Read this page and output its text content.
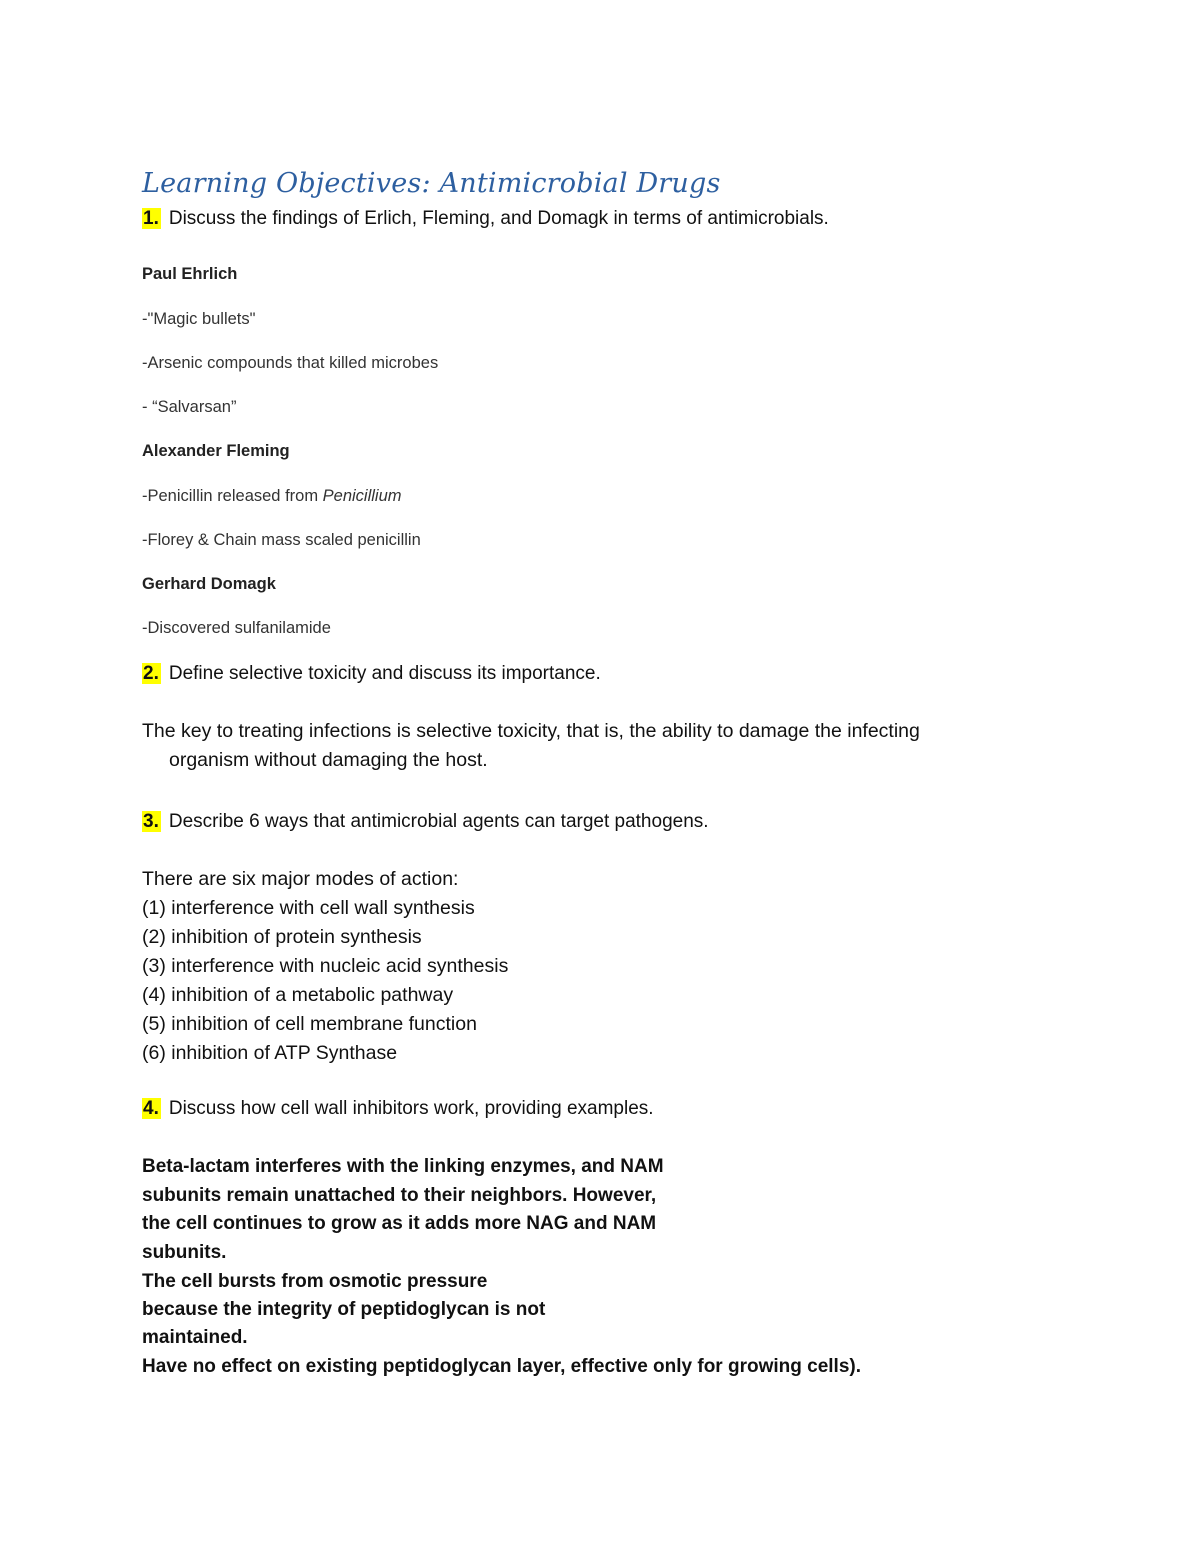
Learning Objectives: Antimicrobial Drugs
1. Discuss the findings of Erlich, Fleming, and Domagk in terms of antimicrobials.
Paul Ehrlich
-"Magic bullets"
-Arsenic compounds that killed microbes
- “Salvarsan”
Alexander Fleming
-Penicillin released from Penicillium
-Florey & Chain mass scaled penicillin
Gerhard Domagk
-Discovered sulfanilamide
2. Define selective toxicity and discuss its importance.
The key to treating infections is selective toxicity, that is, the ability to damage the infecting
organism without damaging the host.
3. Describe 6 ways that antimicrobial agents can target pathogens.
There are six major modes of action:
(1) interference with cell wall synthesis
(2) inhibition of protein synthesis
(3) interference with nucleic acid synthesis
(4) inhibition of a metabolic pathway
(5) inhibition of cell membrane function
(6) inhibition of ATP Synthase
4. Discuss how cell wall inhibitors work, providing examples.
Beta-lactam interferes with the linking enzymes, and NAM
subunits remain unattached to their neighbors. However,
the cell continues to grow as it adds more NAG and NAM
subunits.
The cell bursts from osmotic pressure
because the integrity of peptidoglycan is not
maintained.
Have no effect on existing peptidoglycan layer, effective only for growing cells).
